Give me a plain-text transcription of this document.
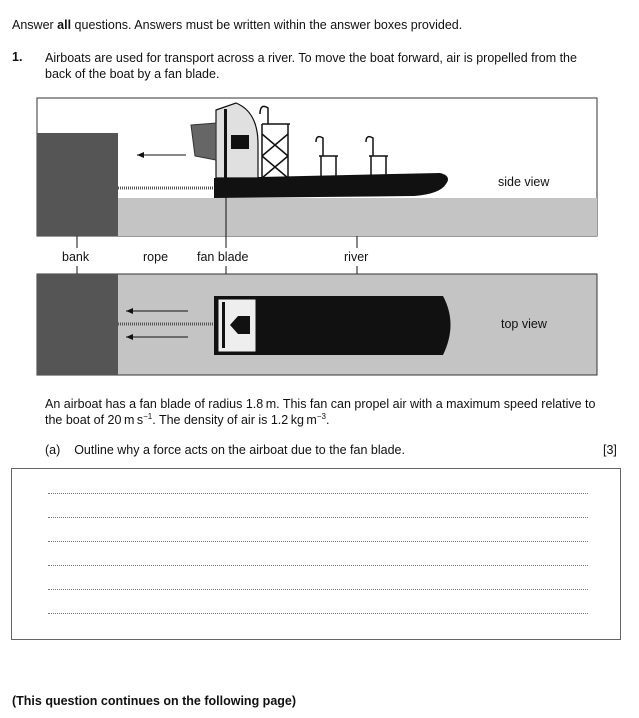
Answer all questions. Answers must be written within the answer boxes provided.
1. Airboats are used for transport across a river. To move the boat forward, air is propelled from the back of the boat by a fan blade.
side view
bank	rope fan blade	river
top view
An airboat has a fan blade of radius 1.8 m. This fan can propel air with a maximum speed relative to the boat of 20 m $s^{-1}$. The density of air is 1.2 kg $m^{-3}$.
(a) Outline why a force acts on the airboat due to the fan blade.	[3]
(This question continues on the following page)
